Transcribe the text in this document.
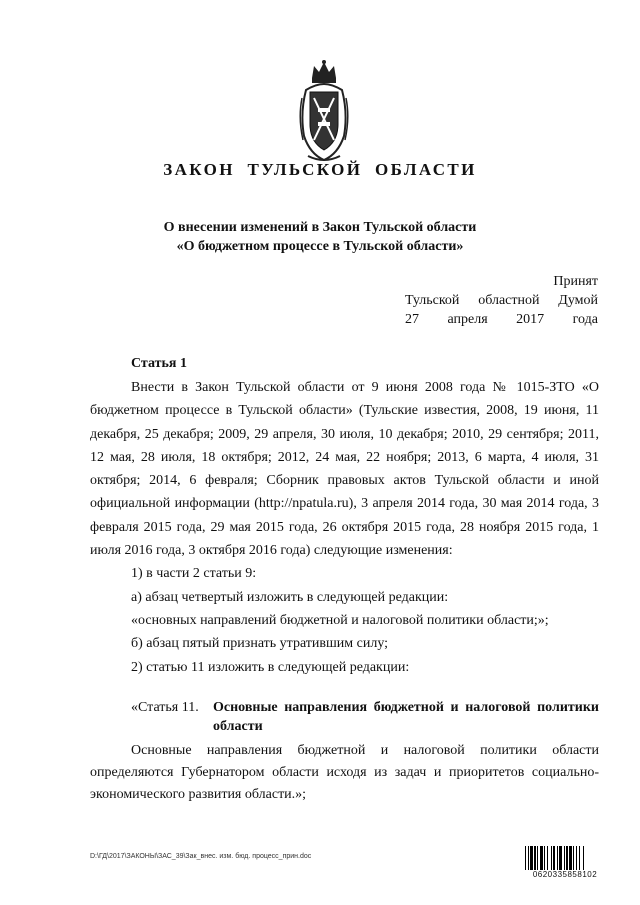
ЗАКОН ТУЛЬСКОЙ ОБЛАСТИ
О внесении изменений в Закон Тульской области
«О бюджетном процессе в Тульской области»
Принят
Тульской областной Думой
27 апреля 2017 года
Статья 1

Внести в Закон Тульской области от 9 июня 2008 года № 1015-ЗТО «О бюджетном процессе в Тульской области» (Тульские известия, 2008, 19 июня, 11 декабря, 25 декабря; 2009, 29 апреля, 30 июля, 10 декабря; 2010, 29 сентября; 2011, 12 мая, 28 июля, 18 октября; 2012, 24 мая, 22 ноября; 2013, 6 марта, 4 июля, 31 октября; 2014, 6 февраля; Сборник правовых актов Тульской области и иной официальной информации (http://npatula.ru), 3 апреля 2014 года, 30 мая 2014 года, 3 февраля 2015 года, 29 мая 2015 года, 26 октября 2015 года, 28 ноября 2015 года, 1 июля 2016 года, 3 октября 2016 года) следующие изменения:

1) в части 2 статьи 9:

а) абзац четвертый изложить в следующей редакции:

«основных направлений бюджетной и налоговой политики области;»;

б) абзац пятый признать утратившим силу;

2) статью 11 изложить в следующей редакции:

«Статья 11.	Основные направления бюджетной и налоговой политики области

Основные направления бюджетной и налоговой политики области определяются Губернатором области исходя из задач и приоритетов социально-экономического развития области.»;

D:\ГД\2017\ЗАКОНЫ\ЗАС_39\Зак_внес. изм. бюд. процесс_прин.doc
0620335858102
